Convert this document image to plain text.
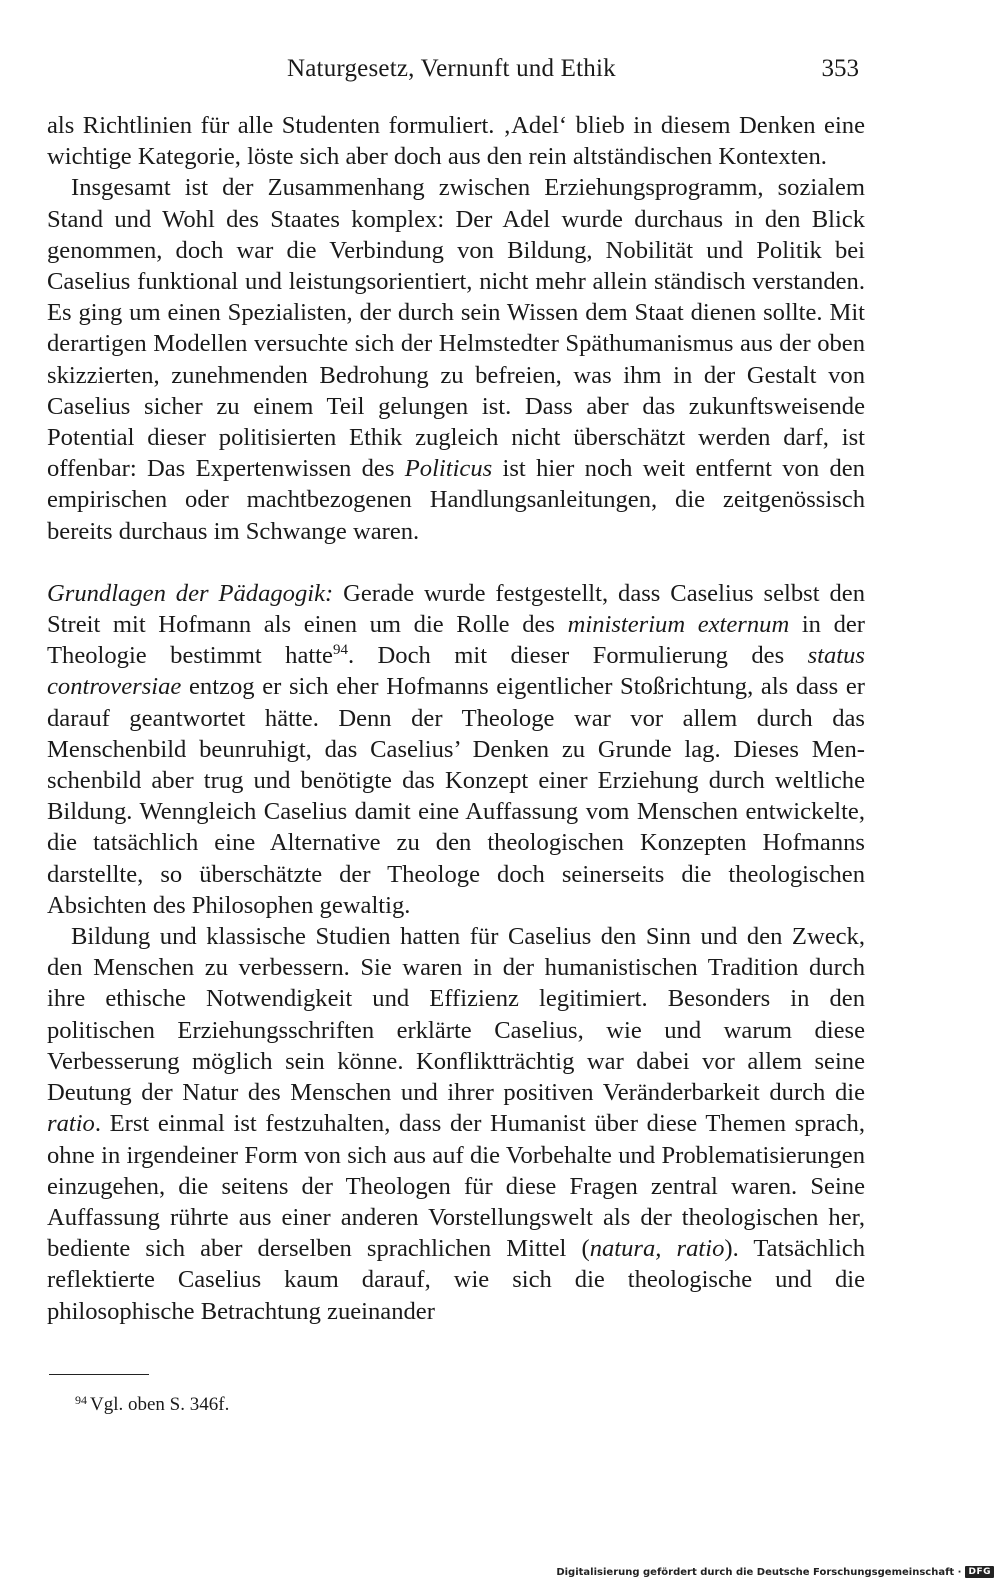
Naturgesetz, Vernunft und Ethik	353

als Richtlinien für alle Studenten formuliert. ‚Adel‘ blieb in diesem Denken eine wichtige Kategorie, löste sich aber doch aus den rein altständischen Kontexten.

Insgesamt ist der Zusammenhang zwischen Erziehungsprogramm, sozialem Stand und Wohl des Staates komplex: Der Adel wurde durchaus in den Blick genommen, doch war die Verbindung von Bildung, Nobilität und Politik bei Caselius funktional und leistungsorientiert, nicht mehr allein ständisch verstanden. Es ging um einen Spezialisten, der durch sein Wissen dem Staat dienen sollte. Mit derartigen Modellen versuchte sich der Helmstedter Späthumanismus aus der oben skizzierten, zunehmenden Bedrohung zu befreien, was ihm in der Gestalt von Caselius sicher zu einem Teil gelungen ist. Dass aber das zukunftsweisende Potential dieser politisierten Ethik zugleich nicht überschätzt werden darf, ist offenbar: Das Expertenwissen des Politicus ist hier noch weit entfernt von den empirischen oder machtbezogenen Handlungsanleitungen, die zeitgenössisch bereits durchaus im Schwange waren.

Grundlagen der Pädagogik: Gerade wurde festgestellt, dass Caselius selbst den Streit mit Hofmann als einen um die Rolle des ministerium externum in der Theologie bestimmt hatte$^{94}$. Doch mit dieser Formulierung des status controversiae entzog er sich eher Hofmanns eigentlicher Stoßrichtung, als dass er darauf geantwortet hätte. Denn der Theologe war vor allem durch das Menschenbild beunruhigt, das Caselius’ Denken zu Grunde lag. Dieses Menschenbild aber trug und benötigte das Konzept einer Erziehung durch weltliche Bildung. Wenngleich Caselius damit eine Auffassung vom Menschen entwickelte, die tatsächlich eine Alternative zu den theologischen Konzepten Hofmanns darstellte, so überschätzte der Theologe doch seinerseits die theologischen Absichten des Philosophen gewaltig.

Bildung und klassische Studien hatten für Caselius den Sinn und den Zweck, den Menschen zu verbessern. Sie waren in der humanistischen Tradition durch ihre ethische Notwendigkeit und Effizienz legitimiert. Besonders in den politischen Erziehungsschriften erklärte Caselius, wie und warum diese Verbesserung möglich sein könne. Konfliktträchtig war dabei vor allem seine Deutung der Natur des Menschen und ihrer positiven Veränderbarkeit durch die ratio. Erst einmal ist festzuhalten, dass der Humanist über diese Themen sprach, ohne in irgendeiner Form von sich aus auf die Vorbehalte und Problematisierungen einzugehen, die seitens der Theologen für diese Fragen zentral waren. Seine Auffassung rührte aus einer anderen Vorstellungswelt als der theologischen her, bediente sich aber derselben sprachlichen Mittel (natura, ratio). Tatsächlich reflektierte Caselius kaum darauf, wie sich die theologische und die philosophische Betrachtung zueinander

$^{94}$ Vgl. oben S. 346f.
Digitalisierung gefördert durch die Deutsche Forschungsgemeinschaft · DFG
